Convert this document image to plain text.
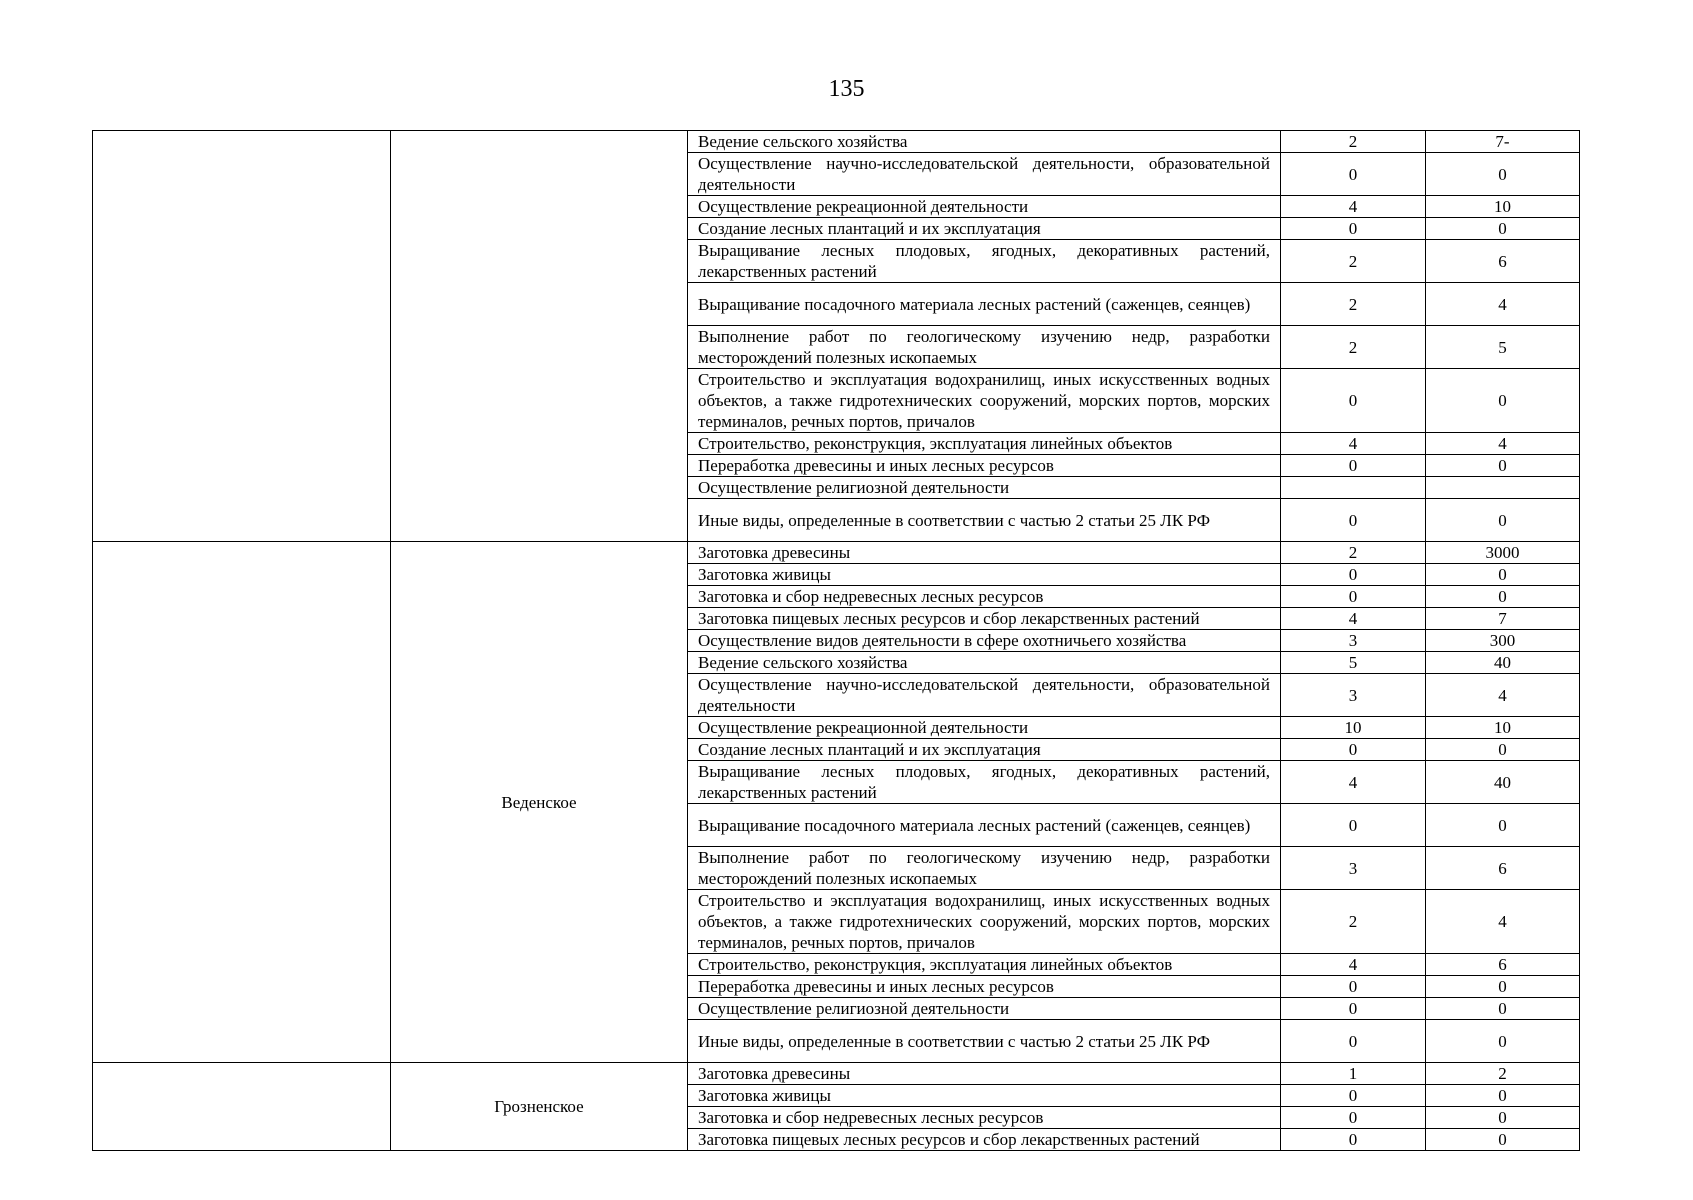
135
		Ведение сельского хозяйства	2	7-
		Осуществление научно-исследовательской деятельности, образовательной деятельности	0	0
		Осуществление рекреационной деятельности	4	10
		Создание лесных плантаций и их эксплуатация	0	0
		Выращивание лесных плодовых, ягодных, декоративных растений, лекарственных растений	2	6
		Выращивание посадочного материала лесных растений (саженцев, сеянцев)	2	4
		Выполнение работ по геологическому изучению недр, разработки месторождений полезных ископаемых	2	5
		Строительство и эксплуатация водохранилищ, иных искусственных водных объектов, а также гидротехнических сооружений, морских портов, морских терминалов, речных портов, причалов	0	0
		Строительство, реконструкция, эксплуатация линейных объектов	4	4
		Переработка древесины и иных лесных ресурсов	0	0
		Осуществление религиозной деятельности		
		Иные виды, определенные в соответствии с частью 2 статьи 25 ЛК РФ	0	0
	Веденское	Заготовка древесины	2	3000
		Заготовка живицы	0	0
		Заготовка и сбор недревесных лесных ресурсов	0	0
		Заготовка пищевых лесных ресурсов и сбор лекарственных растений	4	7
		Осуществление видов деятельности в сфере охотничьего хозяйства	3	300
		Ведение сельского хозяйства	5	40
		Осуществление научно-исследовательской деятельности, образовательной деятельности	3	4
		Осуществление рекреационной деятельности	10	10
		Создание лесных плантаций и их эксплуатация	0	0
		Выращивание лесных плодовых, ягодных, декоративных растений, лекарственных растений	4	40
		Выращивание посадочного материала лесных растений (саженцев, сеянцев)	0	0
		Выполнение работ по геологическому изучению недр, разработки месторождений полезных ископаемых	3	6
		Строительство и эксплуатация водохранилищ, иных искусственных водных объектов, а также гидротехнических сооружений, морских портов, морских терминалов, речных портов, причалов	2	4
		Строительство, реконструкция, эксплуатация линейных объектов	4	6
		Переработка древесины и иных лесных ресурсов	0	0
		Осуществление религиозной деятельности	0	0
		Иные виды, определенные в соответствии с частью 2 статьи 25 ЛК РФ	0	0
	Грозненское	Заготовка древесины	1	2
		Заготовка живицы	0	0
		Заготовка и сбор недревесных лесных ресурсов	0	0
		Заготовка пищевых лесных ресурсов и сбор лекарственных растений	0	0
